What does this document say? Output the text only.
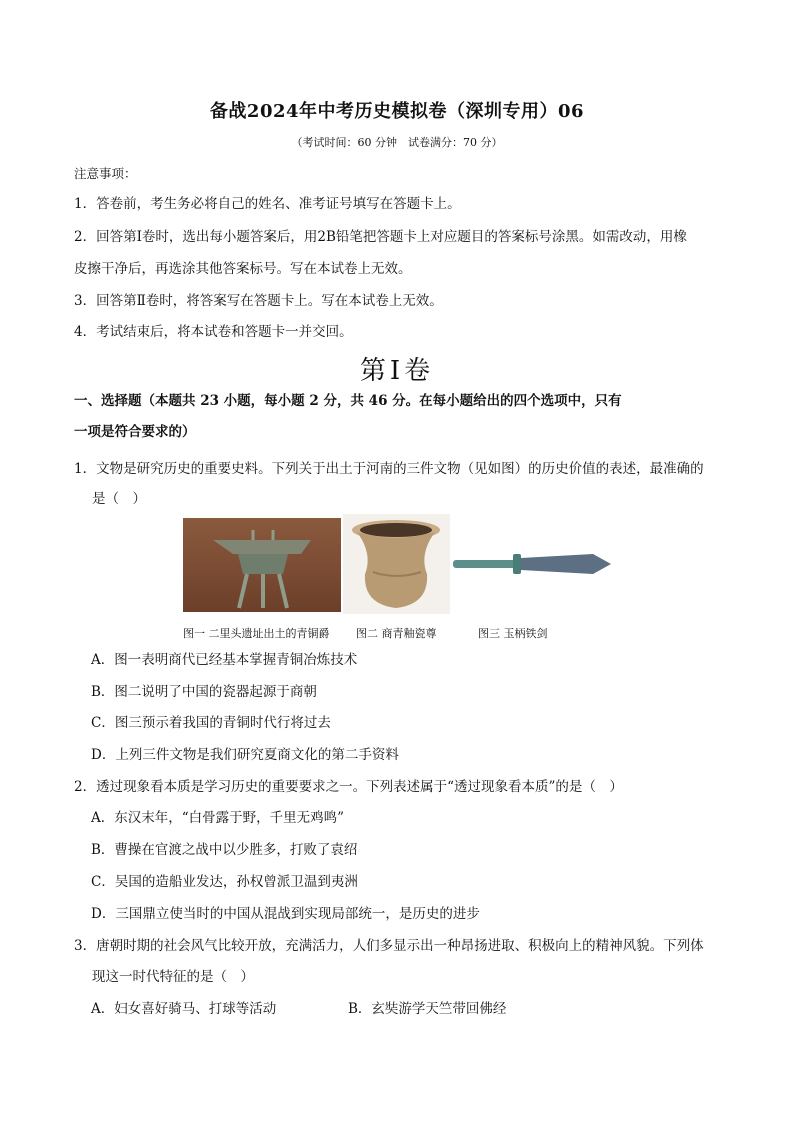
备战2024年中考历史模拟卷（深圳专用）06
（考试时间：60 分钟　试卷满分：70 分）
注意事项：
1．答卷前，考生务必将自己的姓名、准考证号填写在答题卡上。
2．回答第Ⅰ卷时，选出每小题答案后，用2B铅笔把答题卡上对应题目的答案标号涂黑。如需改动，用橡
皮擦干净后，再选涂其他答案标号。写在本试卷上无效。
3．回答第Ⅱ卷时，将答案写在答题卡上。写在本试卷上无效。
4．考试结束后，将本试卷和答题卡一并交回。
第Ⅰ卷
一、选择题（本题共 23 小题，每小题 2 分，共 46 分。在每小题给出的四个选项中，只有
一项是符合要求的）
1．文物是研究历史的重要史料。下列关于出土于河南的三件文物（见如图）的历史价值的表述，最准确的
是（　）
图一 二里头遗址出土的青铜爵 图二 商青釉瓷尊	图三 玉柄铁剑
A．图一表明商代已经基本掌握青铜冶炼技术
B．图二说明了中国的瓷器起源于商朝
C．图三预示着我国的青铜时代行将过去
D．上列三件文物是我们研究夏商文化的第二手资料
2．透过现象看本质是学习历史的重要要求之一。下列表述属于“透过现象看本质”的是（　）
A．东汉末年，“白骨露于野，千里无鸡鸣”
B．曹操在官渡之战中以少胜多，打败了袁绍
C．吴国的造船业发达，孙权曾派卫温到夷洲
D．三国鼎立使当时的中国从混战到实现局部统一，是历史的进步
3．唐朝时期的社会风气比较开放，充满活力，人们多显示出一种昂扬进取、积极向上的精神风貌。下列体
现这一时代特征的是（　）
A．妇女喜好骑马、打球等活动	B．玄奘游学天竺带回佛经
